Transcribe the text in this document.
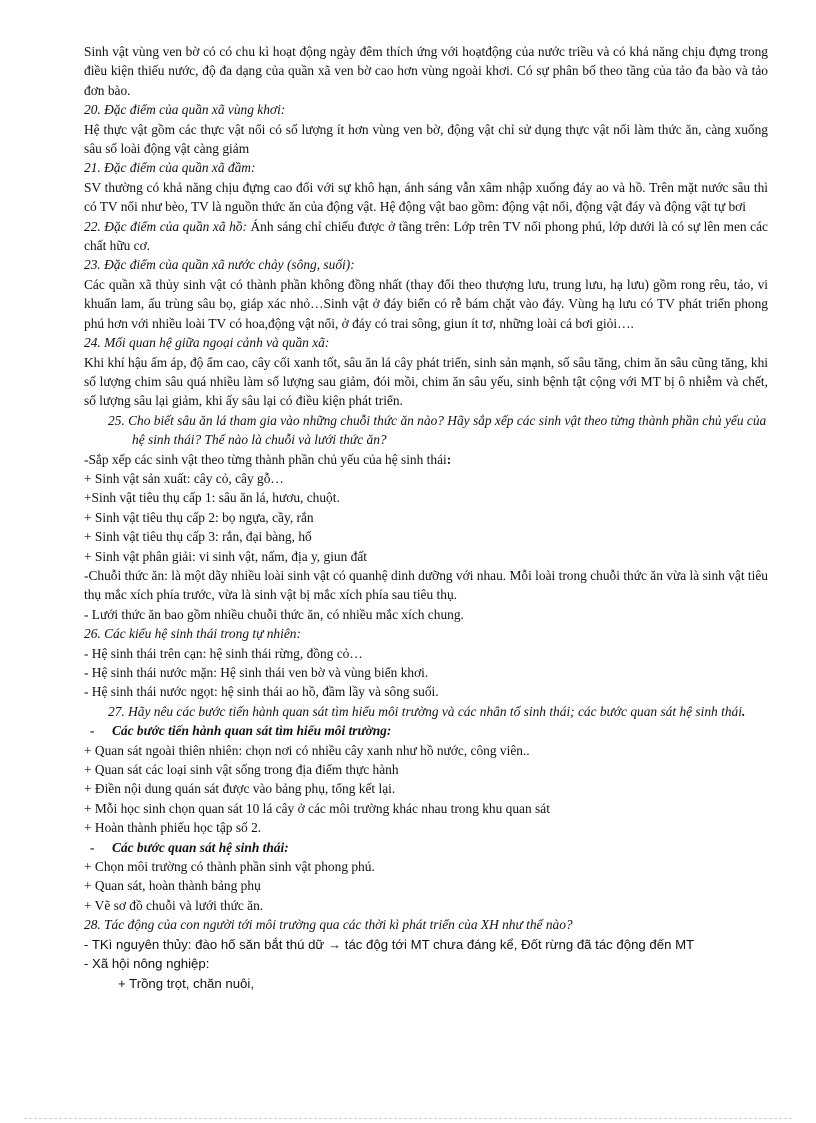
Sinh vật vùng ven bờ có có chu kì hoạt động ngày đêm thích ứng với hoạtđộng của nước triều và có khả năng chịu đựng trong điều kiện thiếu nước, độ đa dạng của quần xã ven bờ cao hơn vùng ngoài khơi. Có sự phân bố theo tầng của tảo đa bào và tảo đơn bào.
20. Đặc điểm của quần xã vùng khơi:
Hệ thực vật gồm các thực vật nổi có số lượng ít hơn vùng ven bờ, động vật chỉ sử dụng thực vật nổi làm thức ăn, càng xuống sâu số loài động vật càng giảm
21. Đặc điểm của quần xã đầm:
SV thường có khả năng chịu đựng cao đối với sự khô hạn, ánh sáng vẫn xâm nhập xuống đáy ao và hồ. Trên mặt nước sâu thì có TV nổi như bèo, TV là nguồn thức ăn của động vật. Hệ động vật bao gồm: động vật nổi, động vật đáy và động vật tự bơi
22. Đặc điểm của quần xã hồ: Ánh sáng chỉ chiếu được ở tầng trên: Lớp trên TV nổi phong phú, lớp dưới là có sự lên men các chất hữu cơ.
23. Đặc điểm của quần xã nước chảy (sông, suối):
Các quần xã thủy sinh vật có thành phần không đồng nhất (thay đổi theo thượng lưu, trung lưu, hạ lưu) gồm rong rêu, tảo, vi khuẩn lam, ấu trùng sâu bọ, giáp xác nhỏ…Sinh vật ở đáy biển có rễ bám chặt vào đáy. Vùng hạ lưu có TV phát triển phong phú hơn với nhiều loài TV có hoa,động vật nổi, ở đáy có trai sông, giun ít tơ, những loài cá bơi giỏi….
24. Mối quan hệ giữa ngoại cảnh và quần xã:
Khi khí hậu ấm áp, độ ẩm cao, cây cối xanh tốt, sâu ăn lá cây phát triển, sinh sản mạnh, số sâu tăng, chim ăn sâu cũng tăng, khi số lượng chim sâu quá nhiều làm số lượng sau giảm, đói mồi, chim ăn sâu yếu, sinh bệnh tật cộng với MT bị ô nhiễm và chết, số lượng sâu lại giảm, khi ấy sâu lại có điều kiện phát triển.
25. Cho biết sâu ăn lá tham gia vào những chuỗi thức ăn nào? Hãy sắp xếp các sinh vật theo từng thành phần chủ yếu của hệ sinh thái? Thế nào là chuỗi và lưới thức ăn?
-Sắp xếp các sinh vật theo từng thành phần chủ yếu của hệ sinh thái:
+ Sinh vật sản xuất: cây cỏ, cây gỗ…
+Sinh vật tiêu thụ cấp 1: sâu ăn lá, hươu, chuột.
+ Sinh vật tiêu thụ cấp 2: bọ ngựa, cầy, rắn
+ Sinh vật tiêu thụ cấp 3: rắn, đại bàng, hổ
+ Sinh vật phân giải: vi sinh vật, nấm, địa y, giun đất
-Chuỗi thức ăn: là một dãy nhiều loài sinh vật có quanhệ dinh dưỡng với nhau. Mỗi loài trong chuỗi thức ăn vừa là sinh vật tiêu thụ mắc xích phía trước, vừa là sinh vật bị mắc xích phía sau tiêu thụ.
- Lưới thức ăn bao gồm nhiều chuỗi thức ăn, có nhiều mắc xích chung.
26. Các kiểu hệ sinh thái trong tự nhiên:
- Hệ sinh thái trên cạn: hệ sinh thái rừng, đồng cỏ…
- Hệ sinh thái nước mặn: Hệ sinh thái ven bờ và vùng biển khơi.
- Hệ sinh thái nước ngọt: hệ sinh thái ao hồ, đầm lầy và sông suối.
27. Hãy nêu các bước tiến hành quan sát tìm hiểu môi trường và các nhân tố sinh thái; các bước quan sát hệ sinh thái.
- Các bước tiến hành quan sát tìm hiểu môi trường:
+ Quan sát ngoài thiên nhiên: chọn nơi có nhiều cây xanh như hồ nước, công viên..
+ Quan sát các loại sinh vật sống trong địa điểm thực hành
+ Điền nội dung quán sát được vào bảng phụ, tổng kết lại.
+ Mỗi học sinh chọn quan sát 10 lá cây ở các môi trường khác nhau trong khu quan sát
+ Hoàn thành phiếu học tập số 2.
- Các bước quan sát hệ sinh thái:
+ Chọn môi trường có thành phần sinh vật phong phú.
+ Quan sát, hoàn thành bảng phụ
+ Vẽ sơ đồ chuỗi và lưới thức ăn.
28. Tác động của con người tới môi trường qua các thời kì phát triển của XH như thế nào?
- TKì nguyên thủy: đào hố săn bắt thú dữ → tác độg tới MT chưa đáng kể, Đốt rừng đã tác động đến MT
- Xã hội nông nghiệp:
+ Trồng trọt, chăn nuôi,
